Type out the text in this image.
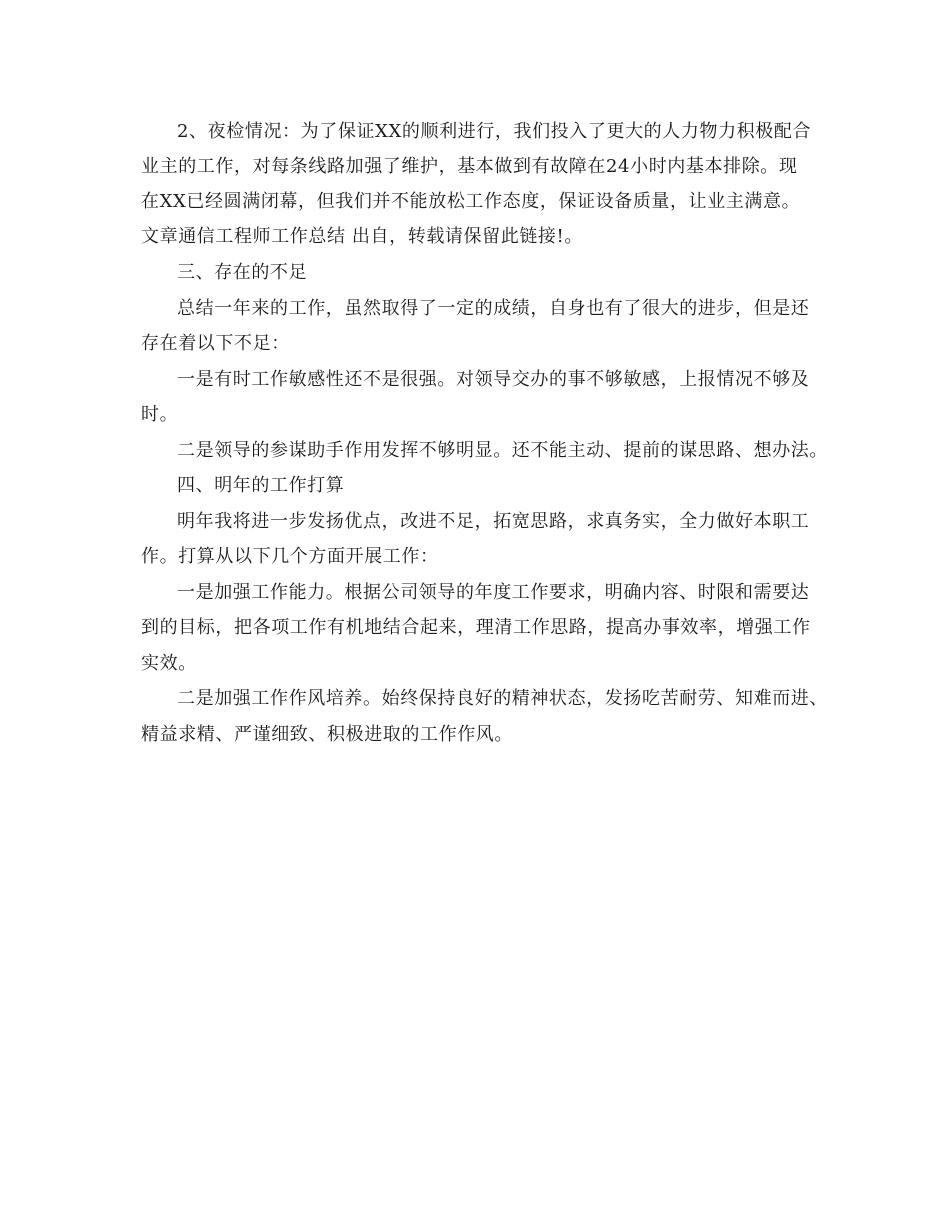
2、夜检情况：为了保证XX的顺利进行，我们投入了更大的人力物力积极配合
业主的工作，对每条线路加强了维护，基本做到有故障在24小时内基本排除。现
在XX已经圆满闭幕，但我们并不能放松工作态度，保证设备质量，让业主满意。
文章通信工程师工作总结 出自，转载请保留此链接!。
三、存在的不足
总结一年来的工作，虽然取得了一定的成绩，自身也有了很大的进步，但是还
存在着以下不足：
一是有时工作敏感性还不是很强。对领导交办的事不够敏感，上报情况不够及
时。
二是领导的参谋助手作用发挥不够明显。还不能主动、提前的谋思路、想办法。
四、明年的工作打算
明年我将进一步发扬优点，改进不足，拓宽思路，求真务实，全力做好本职工
作。打算从以下几个方面开展工作：
一是加强工作能力。根据公司领导的年度工作要求，明确内容、时限和需要达
到的目标，把各项工作有机地结合起来，理清工作思路，提高办事效率，增强工作
实效。
二是加强工作作风培养。始终保持良好的精神状态，发扬吃苦耐劳、知难而进、
精益求精、严谨细致、积极进取的工作作风。
